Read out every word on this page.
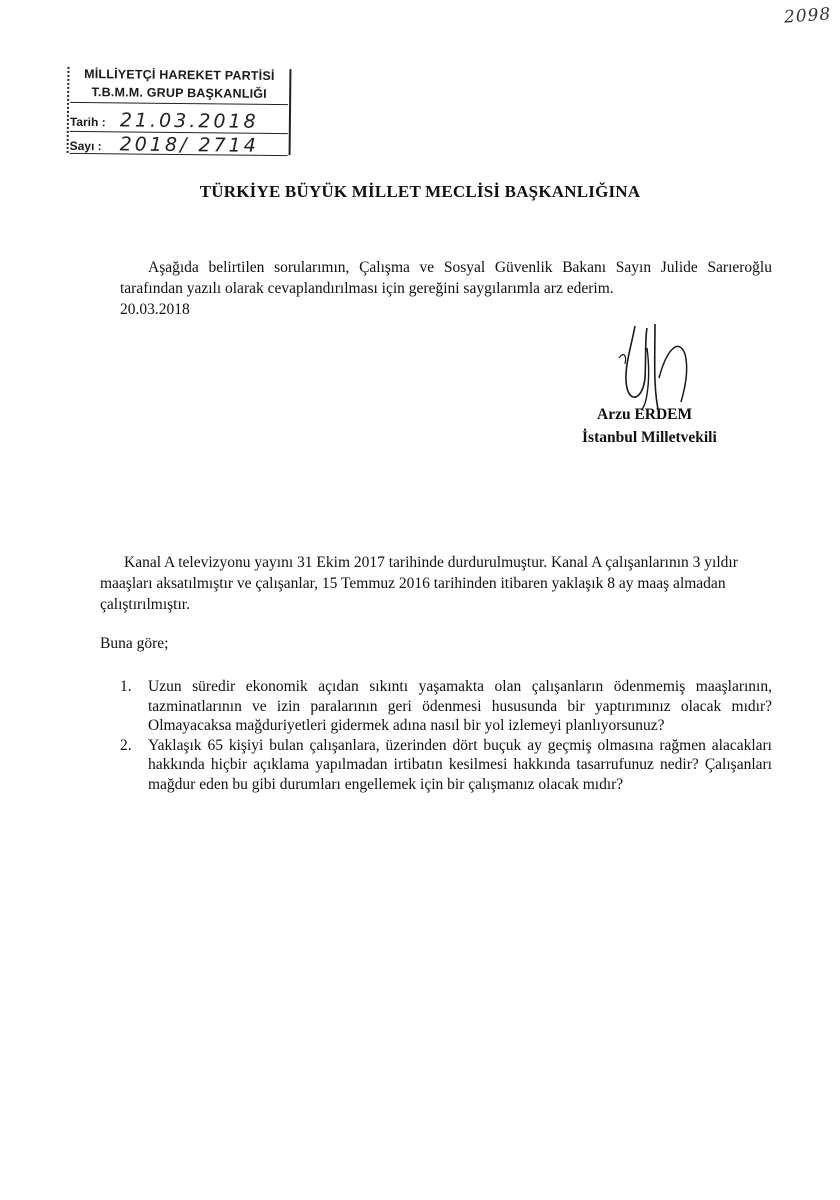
2098
MİLLİYETÇİ HAREKET PARTİSİ
T.B.M.M. GRUP BAŞKANLIĞI
Tarih : 21.03.2018
Sayı : 2018/ 2714
TÜRKİYE BÜYÜK MİLLET MECLİSİ BAŞKANLIĞINA

Aşağıda belirtilen sorularımın, Çalışma ve Sosyal Güvenlik Bakanı Sayın Julide Sarıeroğlu tarafından yazılı olarak cevaplandırılması için gereğini saygılarımla arz ederim.

20.03.2018

Arzu ERDEM
İstanbul Milletvekili

Kanal A televizyonu yayını 31 Ekim 2017 tarihinde durdurulmuştur. Kanal A çalışanlarının 3 yıldır maaşları aksatılmıştır ve çalışanlar, 15 Temmuz 2016 tarihinden itibaren yaklaşık 8 ay maaş almadan çalıştırılmıştır.

Buna göre;
1. Uzun süredir ekonomik açıdan sıkıntı yaşamakta olan çalışanların ödenmemiş maaşlarının, tazminatlarının ve izin paralarının geri ödenmesi hususunda bir yaptırımınız olacak mıdır? Olmayacaksa mağduriyetleri gidermek adına nasıl bir yol izlemeyi planlıyorsunuz?
2. Yaklaşık 65 kişiyi bulan çalışanlara, üzerinden dört buçuk ay geçmiş olmasına rağmen alacakları hakkında hiçbir açıklama yapılmadan irtibatın kesilmesi hakkında tasarrufunuz nedir? Çalışanları mağdur eden bu gibi durumları engellemek için bir çalışmanız olacak mıdır?
